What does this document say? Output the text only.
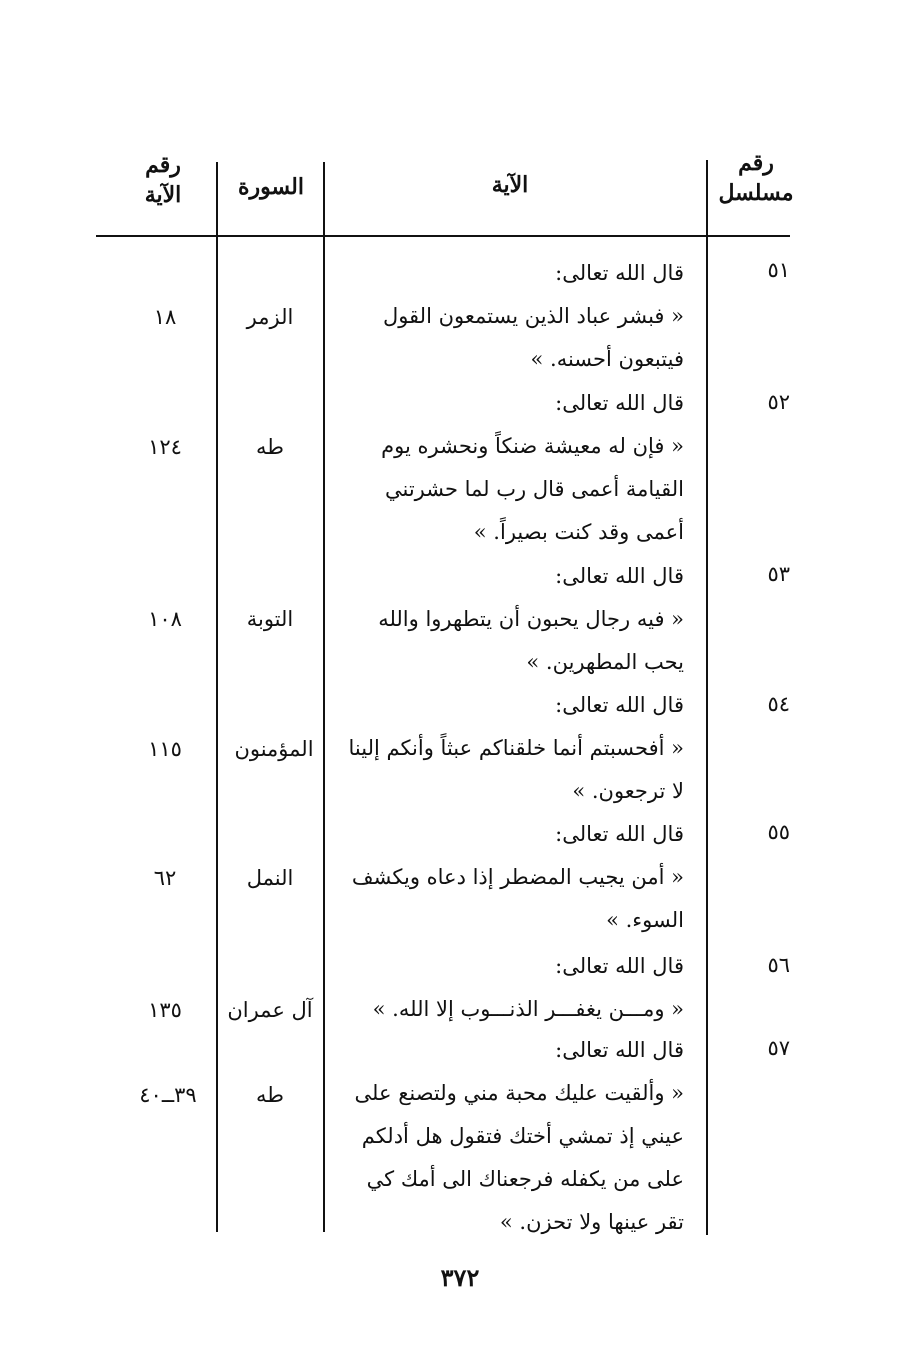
رقم
مسلسل
الآية
السورة
رقم
الآية
٥١
قال الله تعالى:
« فبشر عباد الذين يستمعون القول فيتبعون أحسنه. »
الزمر
١٨
٥٢
قال الله تعالى:
« فإن له معيشة ضنكاً ونحشره يوم القيامة أعمى قال رب لما حشرتني أعمى وقد كنت بصيراً. »
طه
١٢٤
٥٣
قال الله تعالى:
« فيه رجال يحبون أن يتطهروا والله يحب المطهرين. »
التوبة
١٠٨
٥٤
قال الله تعالى:
« أفحسبتم أنما خلقناكم عبثاً وأنكم إلينا لا ترجعون. »
المؤمنون
١١٥
٥٥
قال الله تعالى:
« أمن يجيب المضطر إذا دعاه ويكشف السوء. »
النمل
٦٢
٥٦
قال الله تعالى:
« ومـــن يغفـــر الذنـــوب إلا الله. »
آل عمران
١٣٥
٥٧
قال الله تعالى:
« وألقيت عليك محبة مني ولتصنع على عيني إذ تمشي أختك فتقول هل أدلكم على من يكفله فرجعناك الى أمك كي تقر عينها ولا تحزن. »
طه
٣٩ــ٤٠
٣٧٢
